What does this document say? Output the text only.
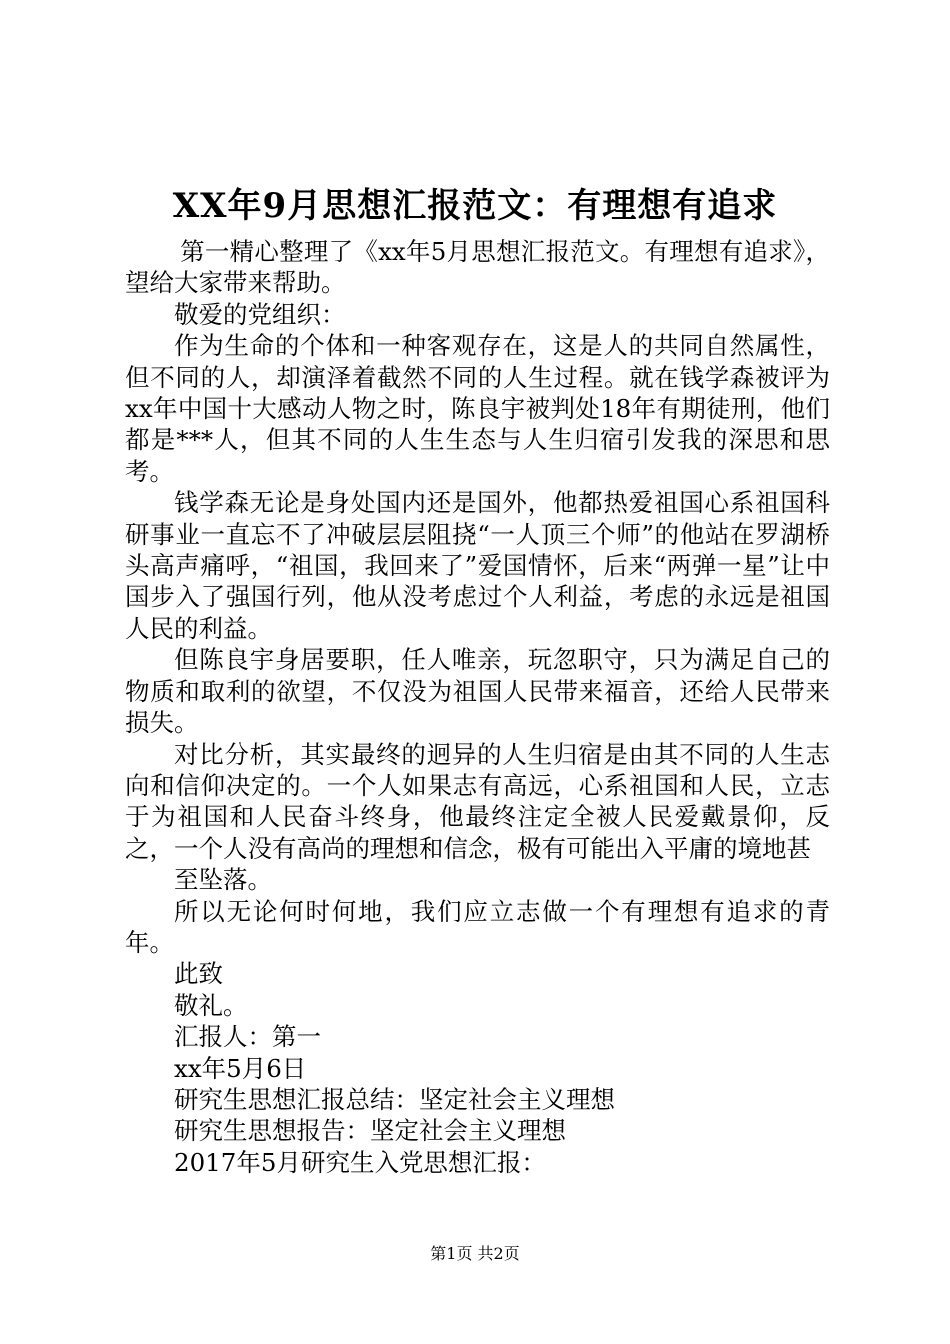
XX年9月思想汇报范文：有理想有追求

第一精心整理了《xx年5月思想汇报范文。有理想有追求》，望给大家带来帮助。

敬爱的党组织：

作为生命的个体和一种客观存在，这是人的共同自然属性，但不同的人，却演泽着截然不同的人生过程。就在钱学森被评为xx年中国十大感动人物之时，陈良宇被判处18年有期徒刑，他们都是***人，但其不同的人生生态与人生归宿引发我的深思和思考。

钱学森无论是身处国内还是国外，他都热爱祖国心系祖国科研事业一直忘不了冲破层层阻挠“一人顶三个师”的他站在罗湖桥头高声痛呼，“祖国，我回来了”爱国情怀，后来“两弹一星”让中国步入了强国行列，他从没考虑过个人利益，考虑的永远是祖国人民的利益。

但陈良宇身居要职，任人唯亲，玩忽职守，只为满足自己的物质和取利的欲望，不仅没为祖国人民带来福音，还给人民带来损失。

对比分析，其实最终的迥异的人生归宿是由其不同的人生志向和信仰决定的。一个人如果志有高远，心系祖国和人民，立志于为祖国和人民奋斗终身，他最终注定全被人民爱戴景仰，反之，一个人没有高尚的理想和信念，极有可能出入平庸的境地甚

至坠落。

所以无论何时何地，我们应立志做一个有理想有追求的青年。

此致

敬礼。

汇报人：第一

xx年5月6日

研究生思想汇报总结：坚定社会主义理想

研究生思想报告：坚定社会主义理想

2017年5月研究生入党思想汇报：

第1页 共2页
